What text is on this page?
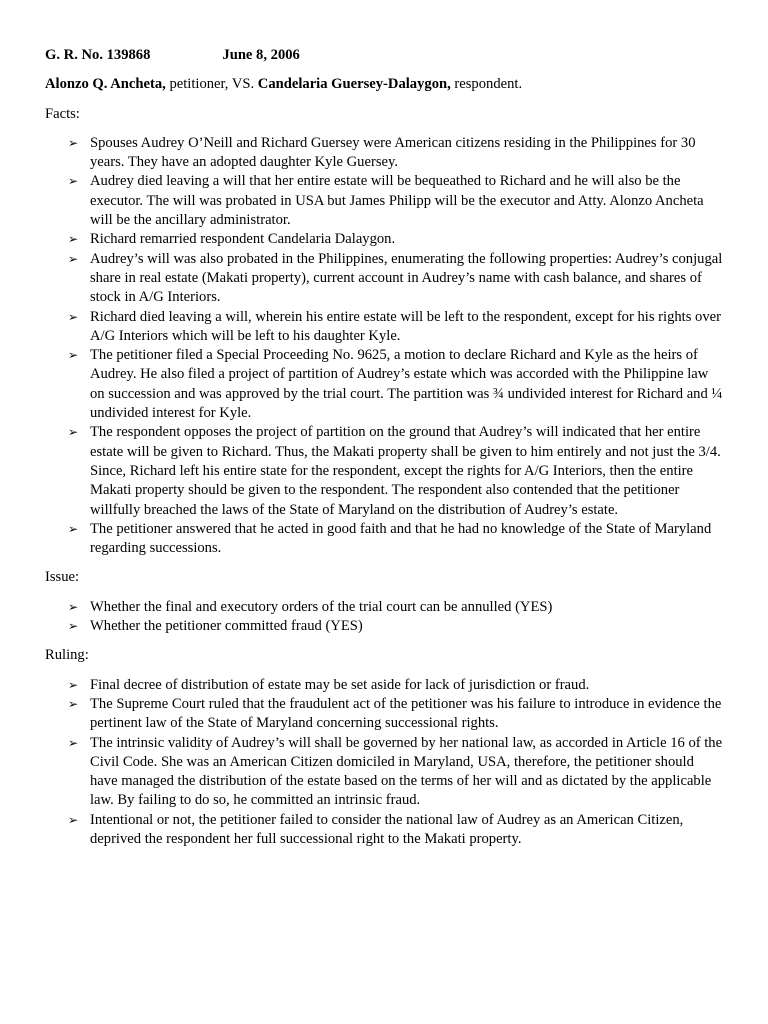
G. R. No. 139868	June 8, 2006

Alonzo Q. Ancheta, petitioner, VS. Candelaria Guersey-Dalaygon, respondent.

Facts:

➢ Spouses Audrey O’Neill and Richard Guersey were American citizens residing in the Philippines for 30 years. They have an adopted daughter Kyle Guersey.
➢ Audrey died leaving a will that her entire estate will be bequeathed to Richard and he will also be the executor. The will was probated in USA but James Philipp will be the executor and Atty. Alonzo Ancheta will be the ancillary administrator.
➢ Richard remarried respondent Candelaria Dalaygon.
➢ Audrey’s will was also probated in the Philippines, enumerating the following properties: Audrey’s conjugal share in real estate (Makati property), current account in Audrey’s name with cash balance, and shares of stock in A/G Interiors.
➢ Richard died leaving a will, wherein his entire estate will be left to the respondent, except for his rights over A/G Interiors which will be left to his daughter Kyle.
➢ The petitioner filed a Special Proceeding No. 9625, a motion to declare Richard and Kyle as the heirs of Audrey. He also filed a project of partition of Audrey’s estate which was accorded with the Philippine law on succession and was approved by the trial court. The partition was ¾ undivided interest for Richard and ¼ undivided interest for Kyle.
➢ The respondent opposes the project of partition on the ground that Audrey’s will indicated that her entire estate will be given to Richard. Thus, the Makati property shall be given to him entirely and not just the 3/4. Since, Richard left his entire state for the respondent, except the rights for A/G Interiors, then the entire Makati property should be given to the respondent. The respondent also contended that the petitioner willfully breached the laws of the State of Maryland on the distribution of Audrey’s estate.
➢ The petitioner answered that he acted in good faith and that he had no knowledge of the State of Maryland regarding successions.

Issue:

➢ Whether the final and executory orders of the trial court can be annulled (YES)
➢ Whether the petitioner committed fraud (YES)

Ruling:

➢ Final decree of distribution of estate may be set aside for lack of jurisdiction or fraud.
➢ The Supreme Court ruled that the fraudulent act of the petitioner was his failure to introduce in evidence the pertinent law of the State of Maryland concerning successional rights.
➢ The intrinsic validity of Audrey’s will shall be governed by her national law, as accorded in Article 16 of the Civil Code. She was an American Citizen domiciled in Maryland, USA, therefore, the petitioner should have managed the distribution of the estate based on the terms of her will and as dictated by the applicable law. By failing to do so, he committed an intrinsic fraud.
➢ Intentional or not, the petitioner failed to consider the national law of Audrey as an American Citizen, deprived the respondent her full successional right to the Makati property.
